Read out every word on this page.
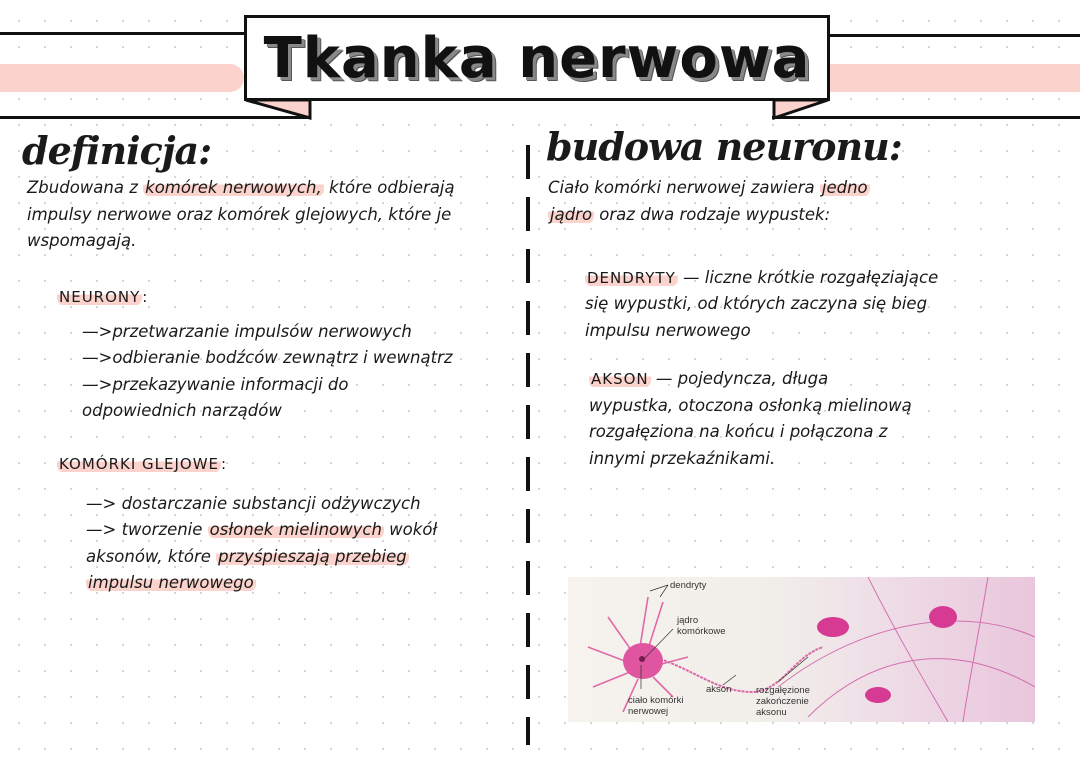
Tkanka nerwowa
definicja:	budowa neuronu:
Zbudowana z komórek nerwowych, które odbierają
impulsy nerwowe oraz komórek glejowych, które je
wspomagają.
NEURONY :
—>przetwarzanie impulsów nerwowych
—>odbieranie bodźców zewnątrz i wewnątrz
—>przekazywanie informacji do
odpowiednich narządów
KOMÓRKI GLEJOWE :
—> dostarczanie substancji odżywczych
—> tworzenie osłonek mielinowych wokół
aksonów, które przyśpieszają przebieg
impulsu nerwowego
Ciało komórki nerwowej zawiera jedno
jądro oraz dwa rodzaje wypustek:
DENDRYTY — liczne krótkie rozgałęziające
się wypustki, od których zaczyna się bieg
impulsu nerwowego
AKSON — pojedyncza, długa
wypustka, otoczona osłonką mielinową
rozgałęziona na końcu i połączona z
innymi przekaźnikami.
dendryty
jądro
komórkowe
akson
ciało komórki
nerwowej
rozgałęzione
zakończenie
aksonu
